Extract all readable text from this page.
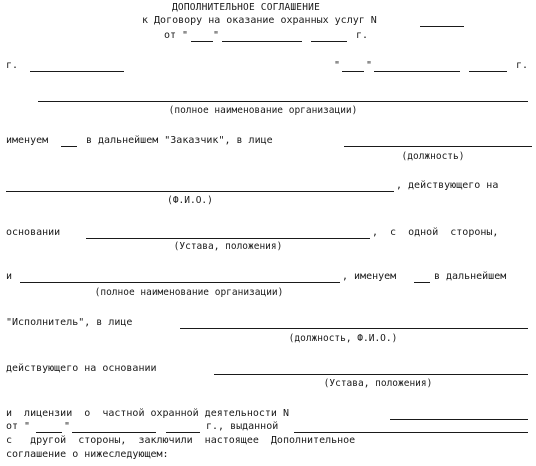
ДОПОЛНИТЕЛЬНОЕ СОГЛАШЕНИЕ
к Договору на оказание охранных услуг N
от " "	г.
г.	"	"	г.
(полное наименование организации)
именуем	в дальнейшем "Заказчик", в лице
(должность)
, действующего на
(Ф.И.О.)
основании	,  с  одной  стороны,
(Устава, положения)
и	, именуем	в дальнейшем
(полное наименование организации)
"Исполнитель", в лице
(должность, Ф.И.О.)
действующего на основании
(Устава, положения)
и  лицензии  о  частной охранной деятельности N
от "	"	г., выданной
с   другой  стороны,  заключили  настоящее  Дополнительное
соглашение о нижеследующем:
